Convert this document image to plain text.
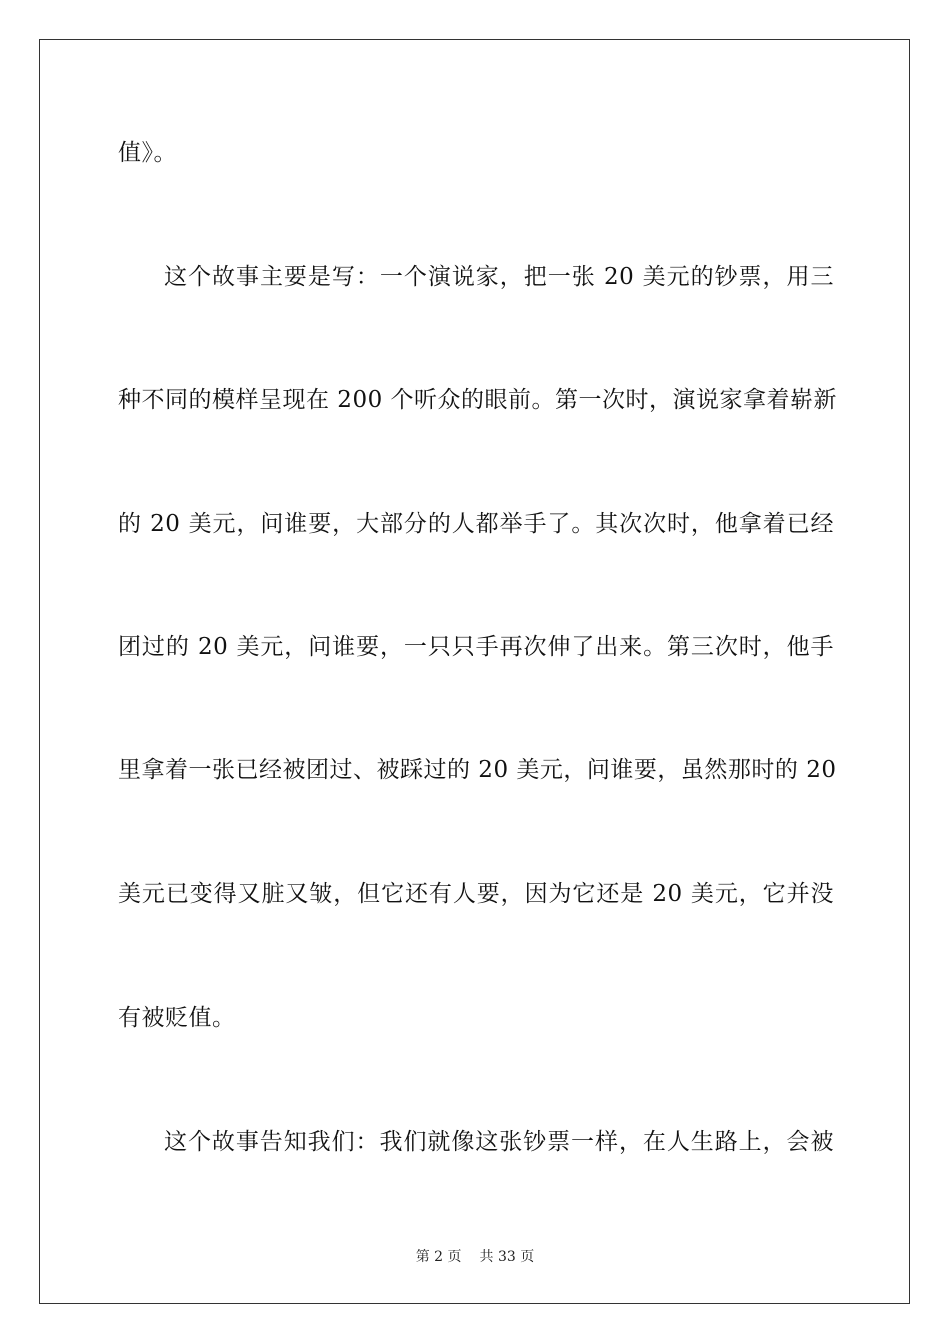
值》。
这个故事主要是写：一个演说家，把一张 20 美元的钞票，用三
种不同的模样呈现在 200 个听众的眼前。第一次时，演说家拿着崭新
的 20 美元，问谁要，大部分的人都举手了。其次次时，他拿着已经
团过的 20 美元，问谁要，一只只手再次伸了出来。第三次时，他手
里拿着一张已经被团过、被踩过的 20 美元，问谁要，虽然那时的 20
美元已变得又脏又皱，但它还有人要，因为它还是 20 美元，它并没
有被贬值。
这个故事告知我们：我们就像这张钞票一样，在人生路上，会被
第 2 页 共 33 页
